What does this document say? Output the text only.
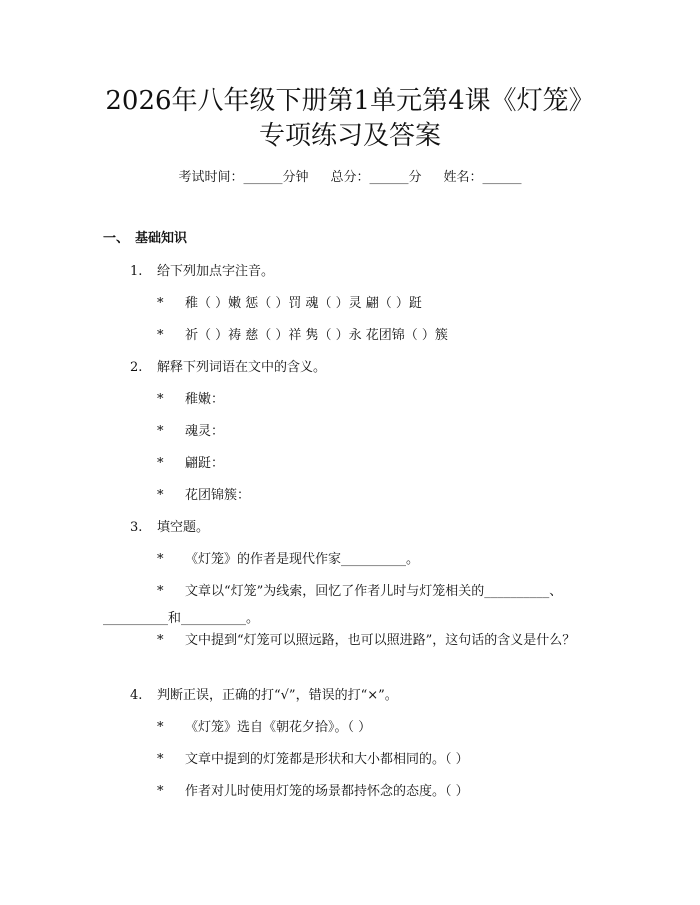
2026年八年级下册第1单元第4课《灯笼》
专项练习及答案
考试时间：______分钟 总分：______分 姓名：______
一、 基础知识
1. 给下列加点字注音。
* 稚（ ）嫩 惩（ ）罚 魂（ ）灵 翩（ ）跹
* 祈（ ）祷 慈（ ）祥 隽（ ）永 花团锦（ ）簇
2. 解释下列词语在文中的含义。
* 稚嫩：
* 魂灵：
* 翩跹：
* 花团锦簇：
3. 填空题。
* 《灯笼》的作者是现代作家__________。
* 文章以“灯笼”为线索，回忆了作者儿时与灯笼相关的__________、__________和__________。
* 文中提到“灯笼可以照远路，也可以照进路”，这句话的含义是什么？
4. 判断正误，正确的打“√”，错误的打“×”。
* 《灯笼》选自《朝花夕拾》。（ ）
* 文章中提到的灯笼都是形状和大小都相同的。（ ）
* 作者对儿时使用灯笼的场景都持怀念的态度。（ ）
